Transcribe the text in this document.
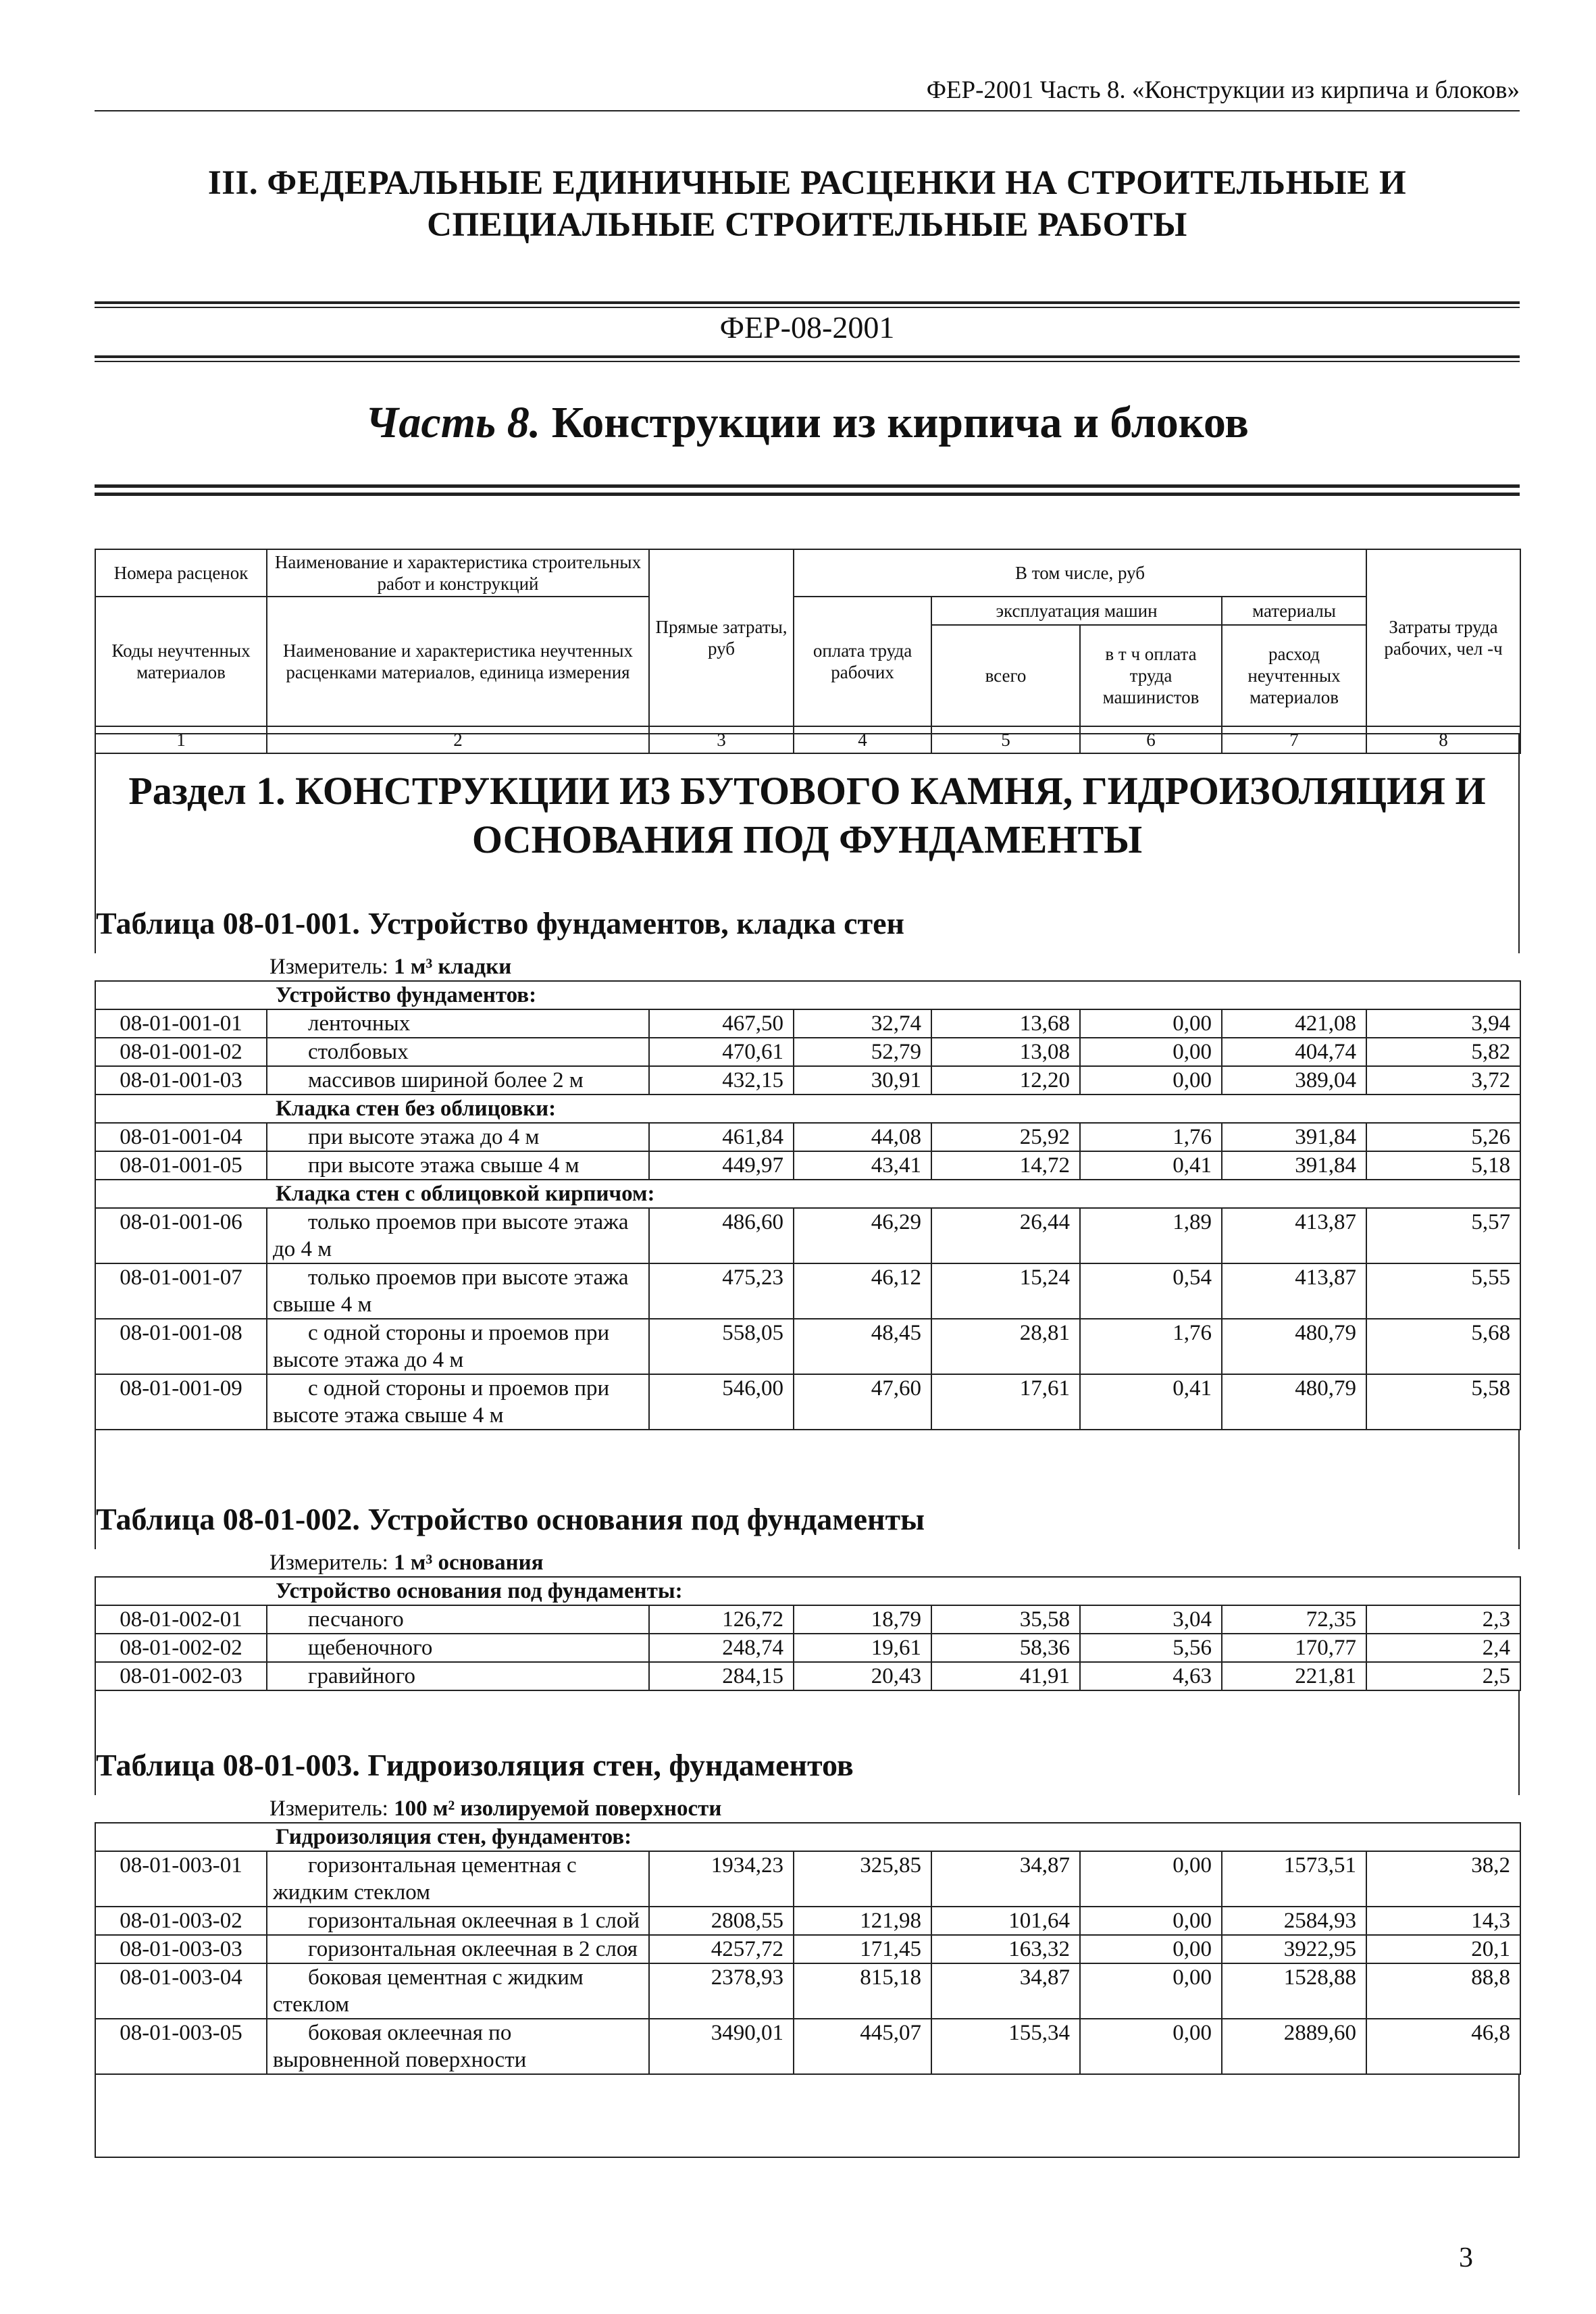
ФЕР-2001 Часть 8. «Конструкции из кирпича и блоков»
III. ФЕДЕРАЛЬНЫЕ ЕДИНИЧНЫЕ РАСЦЕНКИ НА СТРОИТЕЛЬНЫЕ И
СПЕЦИАЛЬНЫЕ СТРОИТЕЛЬНЫЕ РАБОТЫ
ФЕР-08-2001
Часть 8. Конструкции из кирпича и блоков
Номера расценок	Наименование и характеристика строительных работ и конструкций	Прямые затраты, руб	В том числе, руб				Затраты труда рабочих, чел -ч
Коды неучтенных материалов	Наименование и характеристика неучтенных расценками материалов, единица измерения		оплата труда рабочих	эксплуатация машин		материалы	
				всего	в т ч оплата труда машинистов	расход неучтенных материалов	
1	2	3	4	5	6	7	8
Раздел 1. КОНСТРУКЦИИ ИЗ БУТОВОГО КАМНЯ, ГИДРОИЗОЛЯЦИЯ И
ОСНОВАНИЯ ПОД ФУНДАМЕНТЫ
Таблица 08-01-001. Устройство фундаментов, кладка стен
Измеритель: 1 м³ кладки							
Устройство фундаментов:							
08-01-001-01	ленточных	467,50	32,74	13,68	0,00	421,08	3,94
08-01-001-02	столбовых	470,61	52,79	13,08	0,00	404,74	5,82
08-01-001-03	массивов шириной более 2 м	432,15	30,91	12,20	0,00	389,04	3,72
Кладка стен без облицовки:							
08-01-001-04	при высоте этажа до 4 м	461,84	44,08	25,92	1,76	391,84	5,26
08-01-001-05	при высоте этажа свыше 4 м	449,97	43,41	14,72	0,41	391,84	5,18
Кладка стен с облицовкой кирпичом:							
08-01-001-06	только проемов при высоте этажа до 4 м	486,60	46,29	26,44	1,89	413,87	5,57
08-01-001-07	только проемов при высоте этажа свыше 4 м	475,23	46,12	15,24	0,54	413,87	5,55
08-01-001-08	с одной стороны и проемов при высоте этажа до 4 м	558,05	48,45	28,81	1,76	480,79	5,68
08-01-001-09	с одной стороны и проемов при высоте этажа свыше 4 м	546,00	47,60	17,61	0,41	480,79	5,58
Таблица 08-01-002. Устройство основания под фундаменты
Измеритель: 1 м³ основания							
Устройство основания под фундаменты:							
08-01-002-01	песчаного	126,72	18,79	35,58	3,04	72,35	2,3
08-01-002-02	щебеночного	248,74	19,61	58,36	5,56	170,77	2,4
08-01-002-03	гравийного	284,15	20,43	41,91	4,63	221,81	2,5
Таблица 08-01-003. Гидроизоляция стен, фундаментов
Измеритель: 100 м² изолируемой поверхности							
Гидроизоляция стен, фундаментов:							
08-01-003-01	горизонтальная цементная с жидким стеклом	1934,23	325,85	34,87	0,00	1573,51	38,2
08-01-003-02	горизонтальная оклеечная в 1 слой	2808,55	121,98	101,64	0,00	2584,93	14,3
08-01-003-03	горизонтальная оклеечная в 2 слоя	4257,72	171,45	163,32	0,00	3922,95	20,1
08-01-003-04	боковая цементная с жидким стеклом	2378,93	815,18	34,87	0,00	1528,88	88,8
08-01-003-05	боковая оклеечная по выровненной поверхности	3490,01	445,07	155,34	0,00	2889,60	46,8
3
